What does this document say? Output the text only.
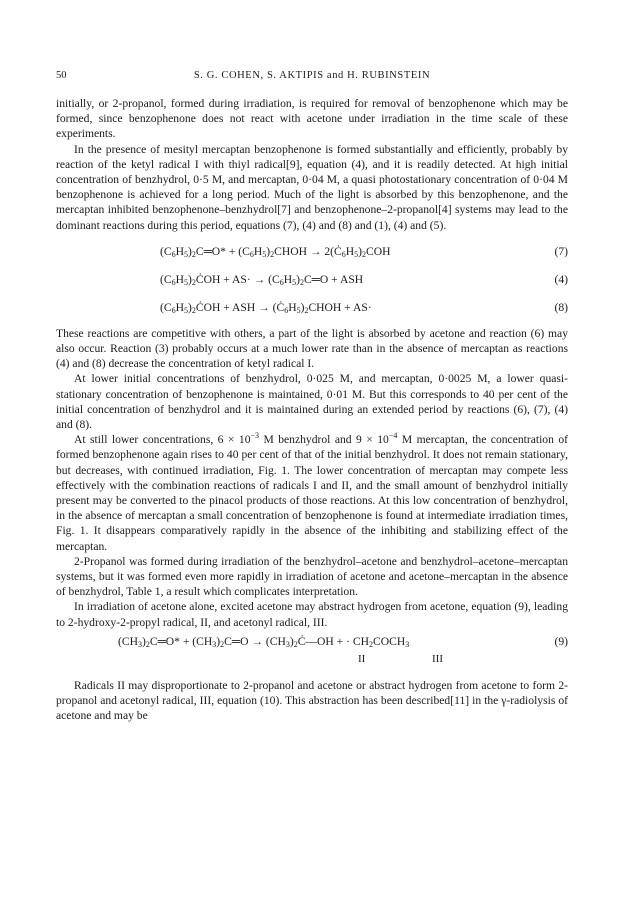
50	S. G. COHEN, S. AKTIPIS and H. RUBINSTEIN

initially, or 2-propanol, formed during irradiation, is required for removal of benzophenone which may be formed, since benzophenone does not react with acetone under irradiation in the time scale of these experiments.

In the presence of mesityl mercaptan benzophenone is formed substantially and efficiently, probably by reaction of the ketyl radical I with thiyl radical[9], equation (4), and it is readily detected. At high initial concentration of benzhydrol, 0·5 M, and mercaptan, 0·04 M, a quasi photostationary concentration of 0·04 M benzophenone is achieved for a long period. Much of the light is absorbed by this benzophenone, and the mercaptan inhibited benzophenone–benzhydrol[7] and benzophenone–2-propanol[4] systems may lead to the dominant reactions during this period, equations (7), (4) and (8) and (1), (4) and (5).

$(C_6H_5)_2C═O*$ + $(C_6H_5)_2CHOH$ → $2(Ċ_6H_5)_2COH$	(7)
$(C_6H_5)_2ĊOH + AS\cdot$ → $(C_6H_5)_2C═O$ + ASH	(4)
$(C_6H_5)_2ĊOH$ + ASH → $(Ċ_6H_5)_2CHOH + AS\cdot$	(8)

These reactions are competitive with others, a part of the light is absorbed by acetone and reaction (6) may also occur. Reaction (3) probably occurs at a much lower rate than in the absence of mercaptan as reactions (4) and (8) decrease the concentration of ketyl radical I.

At lower initial concentrations of benzhydrol, 0·025 M, and mercaptan, 0·0025 M, a lower quasi-stationary concentration of benzophenone is maintained, 0·01 M. But this corresponds to 40 per cent of the initial concentration of benzhydrol and it is maintained during an extended period by reactions (6), (7), (4) and (8).

At still lower concentrations, $6 \times 10^{-3}$ M benzhydrol and $9 \times 10^{-4}$ M mercaptan, the concentration of formed benzophenone again rises to 40 per cent of that of the initial benzhydrol. It does not remain stationary, but decreases, with continued irradiation, Fig. 1. The lower concentration of mercaptan may compete less effectively with the combination reactions of radicals I and II, and the small amount of benzhydrol initially present may be converted to the pinacol products of those reactions. At this low concentration of benzhydrol, in the absence of mercaptan a small concentration of benzophenone is found at intermediate irradiation times, Fig. 1. It disappears comparatively rapidly in the absence of the inhibiting and stabilizing effect of the mercaptan.

2-Propanol was formed during irradiation of the benzhydrol–acetone and benzhydrol–acetone–mercaptan systems, but it was formed even more rapidly in irradiation of acetone and acetone–mercaptan in the absence of benzhydrol, Table 1, a result which complicates interpretation.

In irradiation of acetone alone, excited acetone may abstract hydrogen from acetone, equation (9), leading to 2-hydroxy-2-propyl radical, II, and acetonyl radical, III.

$(CH_3)_2C═O*$ + $(CH_3)_2C═O$ → $(CH_3)_2Ċ—OH$ + · $CH_2COCH_3$	(9)
II	III

Radicals II may disproportionate to 2-propanol and acetone or abstract hydrogen from acetone to form 2-propanol and acetonyl radical, III, equation (10). This abstraction has been described[11] in the γ-radiolysis of acetone and may be
